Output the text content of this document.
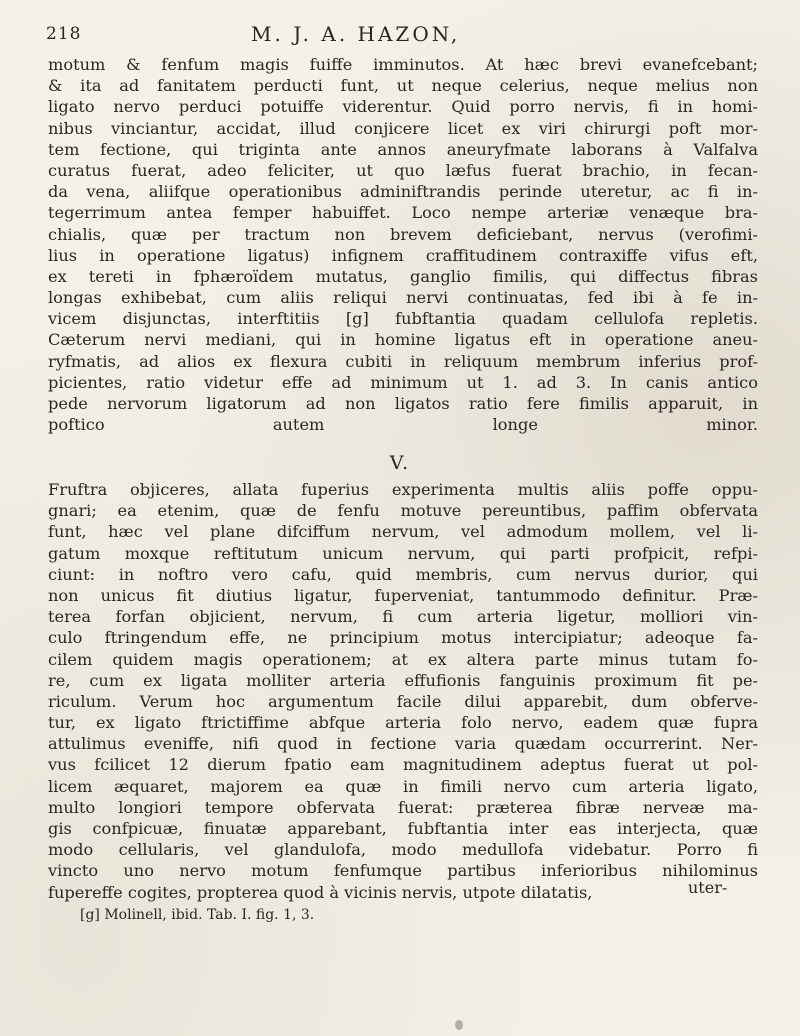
218	M. J. A. HAZON,
motum & fenfum magis fuiffe imminutos. At hæc brevi evanefcebant;
& ita ad fanitatem perducti funt, ut neque celerius, neque melius non
ligato nervo perduci potuiffe viderentur. Quid porro nervis, fi in homi-
nibus vinciantur, accidat, illud conjicere licet ex viri chirurgi poft mor-
tem fectione, qui triginta ante annos aneuryfmate laborans à Valfalva
curatus fuerat, adeo feliciter, ut quo læfus fuerat brachio, in fecan-
da vena, aliifque operationibus adminiftrandis perinde uteretur, ac fi in-
tegerrimum antea femper habuiffet. Loco nempe arteriæ venæque bra-
chialis, quæ per tractum non brevem deficiebant, nervus (verofimi-
lius in operatione ligatus) infignem craffitudinem contraxiffe vifus eft,
ex tereti in fphæroïdem mutatus, ganglio fimilis, qui diffectus fibras
longas exhibebat, cum aliis reliqui nervi continuatas, fed ibi à fe in-
vicem disjunctas, interftitiis [g] fubftantia quadam cellulofa repletis.
Cæterum nervi mediani, qui in homine ligatus eft in operatione aneu-
ryfmatis, ad alios ex flexura cubiti in reliquum membrum inferius prof-
picientes, ratio videtur effe ad minimum ut 1. ad 3. In canis antico
pede nervorum ligatorum ad non ligatos ratio fere fimilis apparuit, in
poftico autem longe minor.
V.
Fruftra objiceres, allata fuperius experimenta multis aliis poffe oppu-
gnari; ea etenim, quæ de fenfu motuve pereuntibus, paffim obfervata
funt, hæc vel plane difciffum nervum, vel admodum mollem, vel li-
gatum moxque reftitutum unicum nervum, qui parti profpicit, refpi-
ciunt: in noftro vero cafu, quid membris, cum nervus durior, qui
non unicus fit diutius ligatur, fuperveniat, tantummodo definitur. Præ-
terea forfan objicient, nervum, fi cum arteria ligetur, molliori vin-
culo ftringendum effe, ne principium motus intercipiatur; adeoque fa-
cilem quidem magis operationem; at ex altera parte minus tutam fo-
re, cum ex ligata molliter arteria effufionis fanguinis proximum fit pe-
riculum. Verum hoc argumentum facile dilui apparebit, dum obferve-
tur, ex ligato ftrictiffime abfque arteria folo nervo, eadem quæ fupra
attulimus eveniffe, nifi quod in fectione varia quædam occurrerint. Ner-
vus fcilicet 12 dierum fpatio eam magnitudinem adeptus fuerat ut pol-
licem æquaret, majorem ea quæ in fimili nervo cum arteria ligato,
multo longiori tempore obfervata fuerat: præterea fibræ nerveæ ma-
gis confpicuæ, finuatæ apparebant, fubftantia inter eas interjecta, quæ
modo cellularis, vel glandulofa, modo medullofa videbatur. Porro fi
vincto uno nervo motum fenfumque partibus inferioribus nihilominus
fupereffe cogites, propterea quod à vicinis nervis, utpote dilatatis,	uter-
[g] Molinell, ibid. Tab. I. fig. 1, 3.
